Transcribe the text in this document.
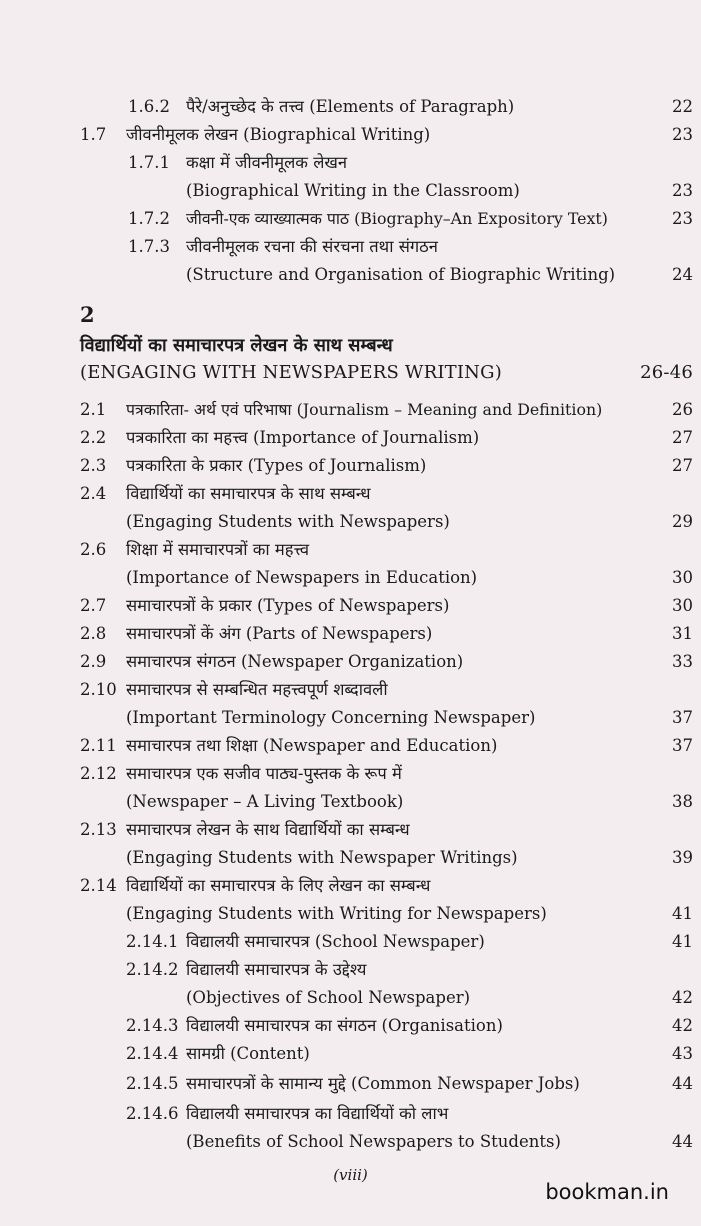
1.6.2 पैरे/अनुच्छेद के तत्त्व (Elements of Paragraph)	22
1.7 जीवनीमूलक लेखन (Biographical Writing)	23
1.7.1 कक्षा में जीवनीमूलक लेखन
(Biographical Writing in the Classroom)	23
1.7.2 जीवनी-एक व्याख्यात्मक पाठ (Biography–An Expository Text)	23
1.7.3 जीवनीमूलक रचना की संरचना तथा संगठन
(Structure and Organisation of Biographic Writing)	24
2
विद्यार्थियों का समाचारपत्र लेखन के साथ सम्बन्ध
(ENGAGING WITH NEWSPAPERS WRITING)	26-46
2.1 पत्रकारिता- अर्थ एवं परिभाषा (Journalism – Meaning and Definition)	26
2.2 पत्रकारिता का महत्त्व (Importance of Journalism)	27
2.3 पत्रकारिता के प्रकार (Types of Journalism)	27
2.4 विद्यार्थियों का समाचारपत्र के साथ सम्बन्ध
(Engaging Students with Newspapers)	29
2.6 शिक्षा में समाचारपत्रों का महत्त्व
(Importance of Newspapers in Education)	30
2.7 समाचारपत्रों के प्रकार (Types of Newspapers)	30
2.8 समाचारपत्रों कें अंग (Parts of Newspapers)	31
2.9 समाचारपत्र संगठन (Newspaper Organization)	33
2.10 समाचारपत्र से सम्बन्धित महत्त्वपूर्ण शब्दावली
(Important Terminology Concerning Newspaper)	37
2.11 समाचारपत्र तथा शिक्षा (Newspaper and Education)	37
2.12 समाचारपत्र एक सजीव पाठ्य-पुस्तक के रूप में
(Newspaper – A Living Textbook)	38
2.13 समाचारपत्र लेखन के साथ विद्यार्थियों का सम्बन्ध
(Engaging Students with Newspaper Writings)	39
2.14 विद्यार्थियों का समाचारपत्र के लिए लेखन का सम्बन्ध
(Engaging Students with Writing for Newspapers)	41
2.14.1 विद्यालयी समाचारपत्र (School Newspaper)	41
2.14.2 विद्यालयी समाचारपत्र के उद्देश्य
(Objectives of School Newspaper)	42
2.14.3 विद्यालयी समाचारपत्र का संगठन (Organisation)	42
2.14.4 सामग्री (Content)	43
2.14.5 समाचारपत्रों के सामान्य मुद्दे (Common Newspaper Jobs)	44
2.14.6 विद्यालयी समाचारपत्र का विद्यार्थियों को लाभ
(Benefits of School Newspapers to Students)	44
(viii)
bookman.in
